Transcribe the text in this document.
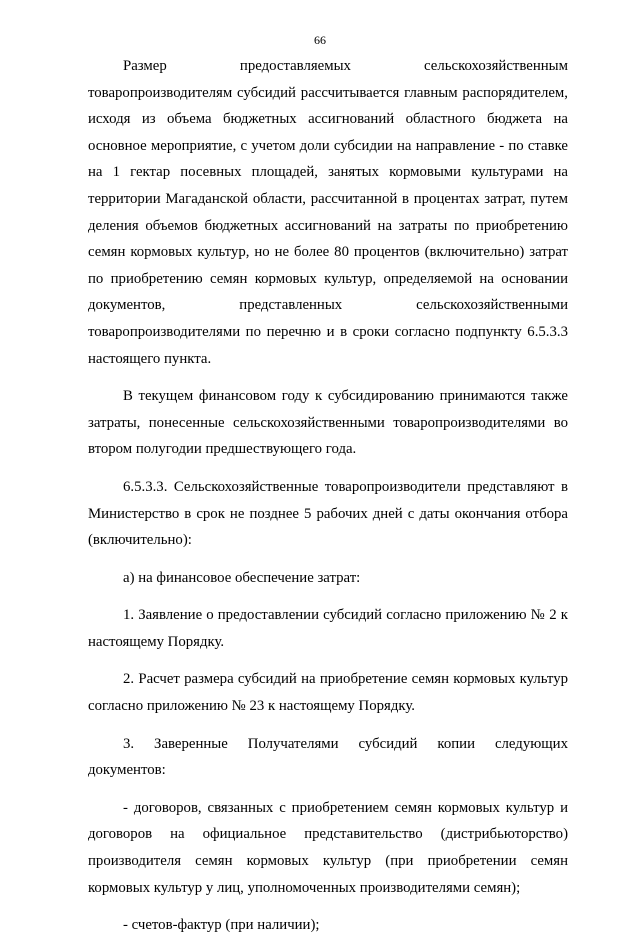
66

Размер предоставляемых сельскохозяйственным товаропроизводителям субсидий рассчитывается главным распорядителем, исходя из объема бюджетных ассигнований областного бюджета на основное мероприятие, с учетом доли субсидии на направление - по ставке на 1 гектар посевных площадей, занятых кормовыми культурами на территории Магаданской области, рассчитанной в процентах затрат, путем деления объемов бюджетных ассигнований на затраты по приобретению семян кормовых культур, но не более 80 процентов (включительно) затрат по приобретению семян кормовых культур, определяемой на основании документов, представленных сельскохозяйственными товаропроизводителями по перечню и в сроки согласно подпункту 6.5.3.3 настоящего пункта.

В текущем финансовом году к субсидированию принимаются также затраты, понесенные сельскохозяйственными товаропроизводителями во втором полугодии предшествующего года.

6.5.3.3. Сельскохозяйственные товаропроизводители представляют в Министерство в срок не позднее 5 рабочих дней с даты окончания отбора (включительно):

а) на финансовое обеспечение затрат:

1. Заявление о предоставлении субсидий согласно приложению № 2 к настоящему Порядку.

2. Расчет размера субсидий на приобретение семян кормовых культур согласно приложению № 23 к настоящему Порядку.

3. Заверенные Получателями субсидий копии следующих документов:

- договоров, связанных с приобретением семян кормовых культур и договоров на официальное представительство (дистрибьюторство) производителя семян кормовых культур (при приобретении семян кормовых культур у лиц, уполномоченных производителями семян);

- счетов-фактур (при наличии);
